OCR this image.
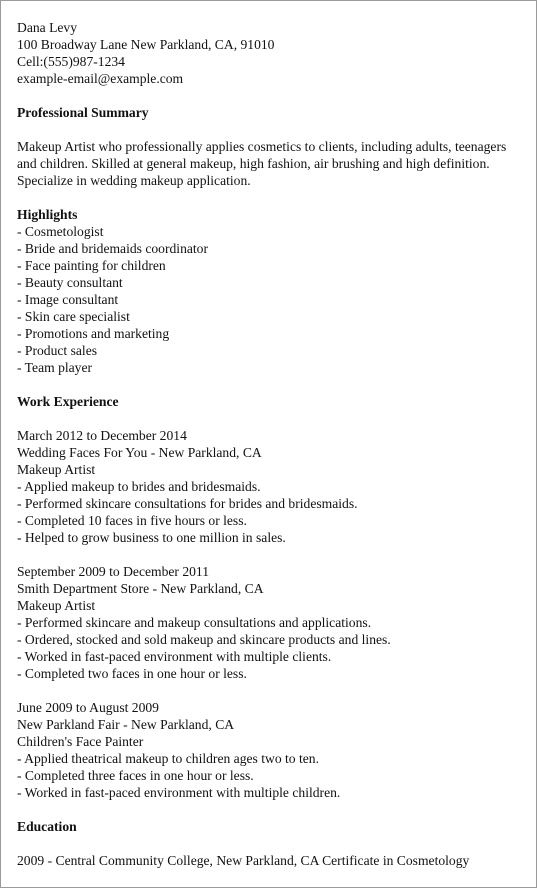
Dana Levy
100 Broadway Lane New Parkland, CA, 91010
Cell:(555)987-1234
example-email@example.com
Professional Summary
Makeup Artist who professionally applies cosmetics to clients, including adults, teenagers and children. Skilled at general makeup, high fashion, air brushing and high definition. Specialize in wedding makeup application.
Highlights
- Cosmetologist
- Bride and bridemaids coordinator
- Face painting for children
- Beauty consultant
- Image consultant
- Skin care specialist
- Promotions and marketing
- Product sales
- Team player
Work Experience
March 2012 to December 2014
Wedding Faces For You - New Parkland, CA
Makeup Artist
- Applied makeup to brides and bridesmaids.
- Performed skincare consultations for brides and bridesmaids.
- Completed 10 faces in five hours or less.
- Helped to grow business to one million in sales.
September 2009 to December 2011
Smith Department Store - New Parkland, CA
Makeup Artist
- Performed skincare and makeup consultations and applications.
- Ordered, stocked and sold makeup and skincare products and lines.
- Worked in fast-paced environment with multiple clients.
- Completed two faces in one hour or less.
June 2009 to August 2009
New Parkland Fair - New Parkland, CA
Children's Face Painter
- Applied theatrical makeup to children ages two to ten.
- Completed three faces in one hour or less.
- Worked in fast-paced environment with multiple children.
Education
2009 - Central Community College, New Parkland, CA Certificate in Cosmetology
